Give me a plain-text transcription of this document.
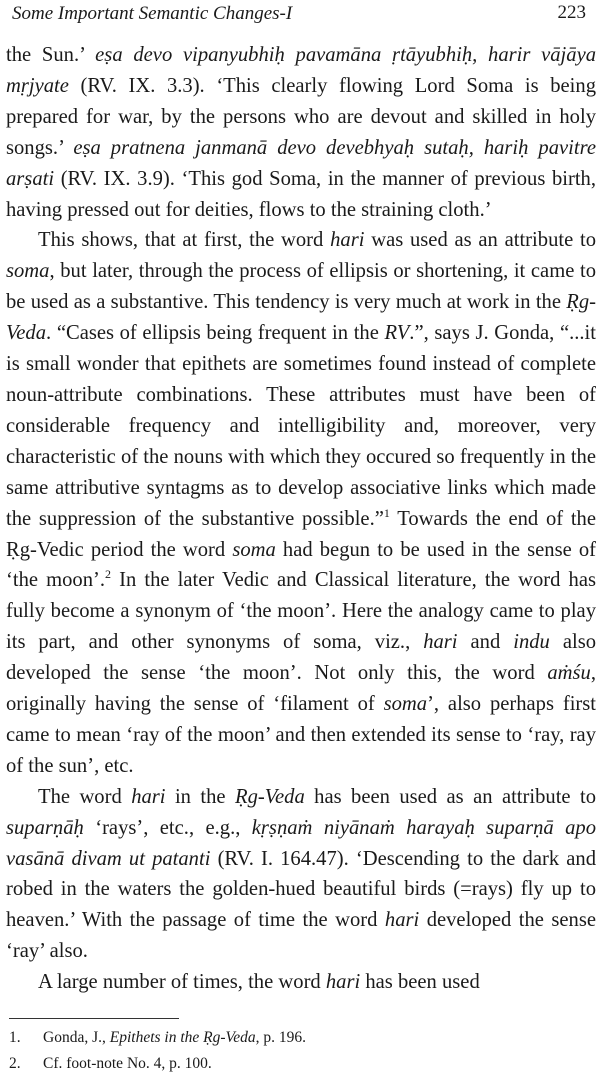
Some Important Semantic Changes-I	223

the Sun.’ eṣa devo vipanyubhiḥ pavamāna ṛtāyubhiḥ, harir vājāya mṛjyate (RV. IX. 3.3). ‘This clearly flowing Lord Soma is being prepared for war, by the persons who are devout and skilled in holy songs.’ eṣa pratnena janmanā devo devebhyaḥ sutaḥ, hariḥ pavitre arṣati (RV. IX. 3.9). ‘This god Soma, in the manner of previous birth, having pressed out for deities, flows to the straining cloth.’

This shows, that at first, the word hari was used as an attribute to soma, but later, through the process of ellipsis or shortening, it came to be used as a substantive. This tendency is very much at work in the Ṛg-Veda. “Cases of ellipsis being frequent in the RV.”, says J. Gonda, “...it is small wonder that epithets are sometimes found instead of complete noun-attribute combinations. These attributes must have been of considerable frequency and intelligibility and, moreover, very characteristic of the nouns with which they occured so frequently in the same attributive syntagms as to develop associative links which made the suppression of the substantive possible.”$^1$ Towards the end of the Ṛg-Vedic period the word soma had begun to be used in the sense of ‘the moon’.$^2$ In the later Vedic and Classical literature, the word has fully become a synonym of ‘the moon’. Here the analogy came to play its part, and other synonyms of soma, viz., hari and indu also developed the sense ‘the moon’. Not only this, the word aṁśu, originally having the sense of ‘filament of soma’, also perhaps first came to mean ‘ray of the moon’ and then extended its sense to ‘ray, ray of the sun’, etc.

The word hari in the Ṛg-Veda has been used as an attribute to suparṇāḥ ‘rays’, etc., e.g., kṛṣṇaṁ niyānaṁ harayaḥ suparṇā apo vasānā divam ut patanti (RV. I. 164.47). ‘Descending to the dark and robed in the waters the golden-hued beautiful birds (=rays) fly up to heaven.’ With the passage of time the word hari developed the sense ‘ray’ also.

A large number of times, the word hari has been used

1.	Gonda, J., Epithets in the Ṛg-Veda, p. 196.
2.	Cf. foot-note No. 4, p. 100.
